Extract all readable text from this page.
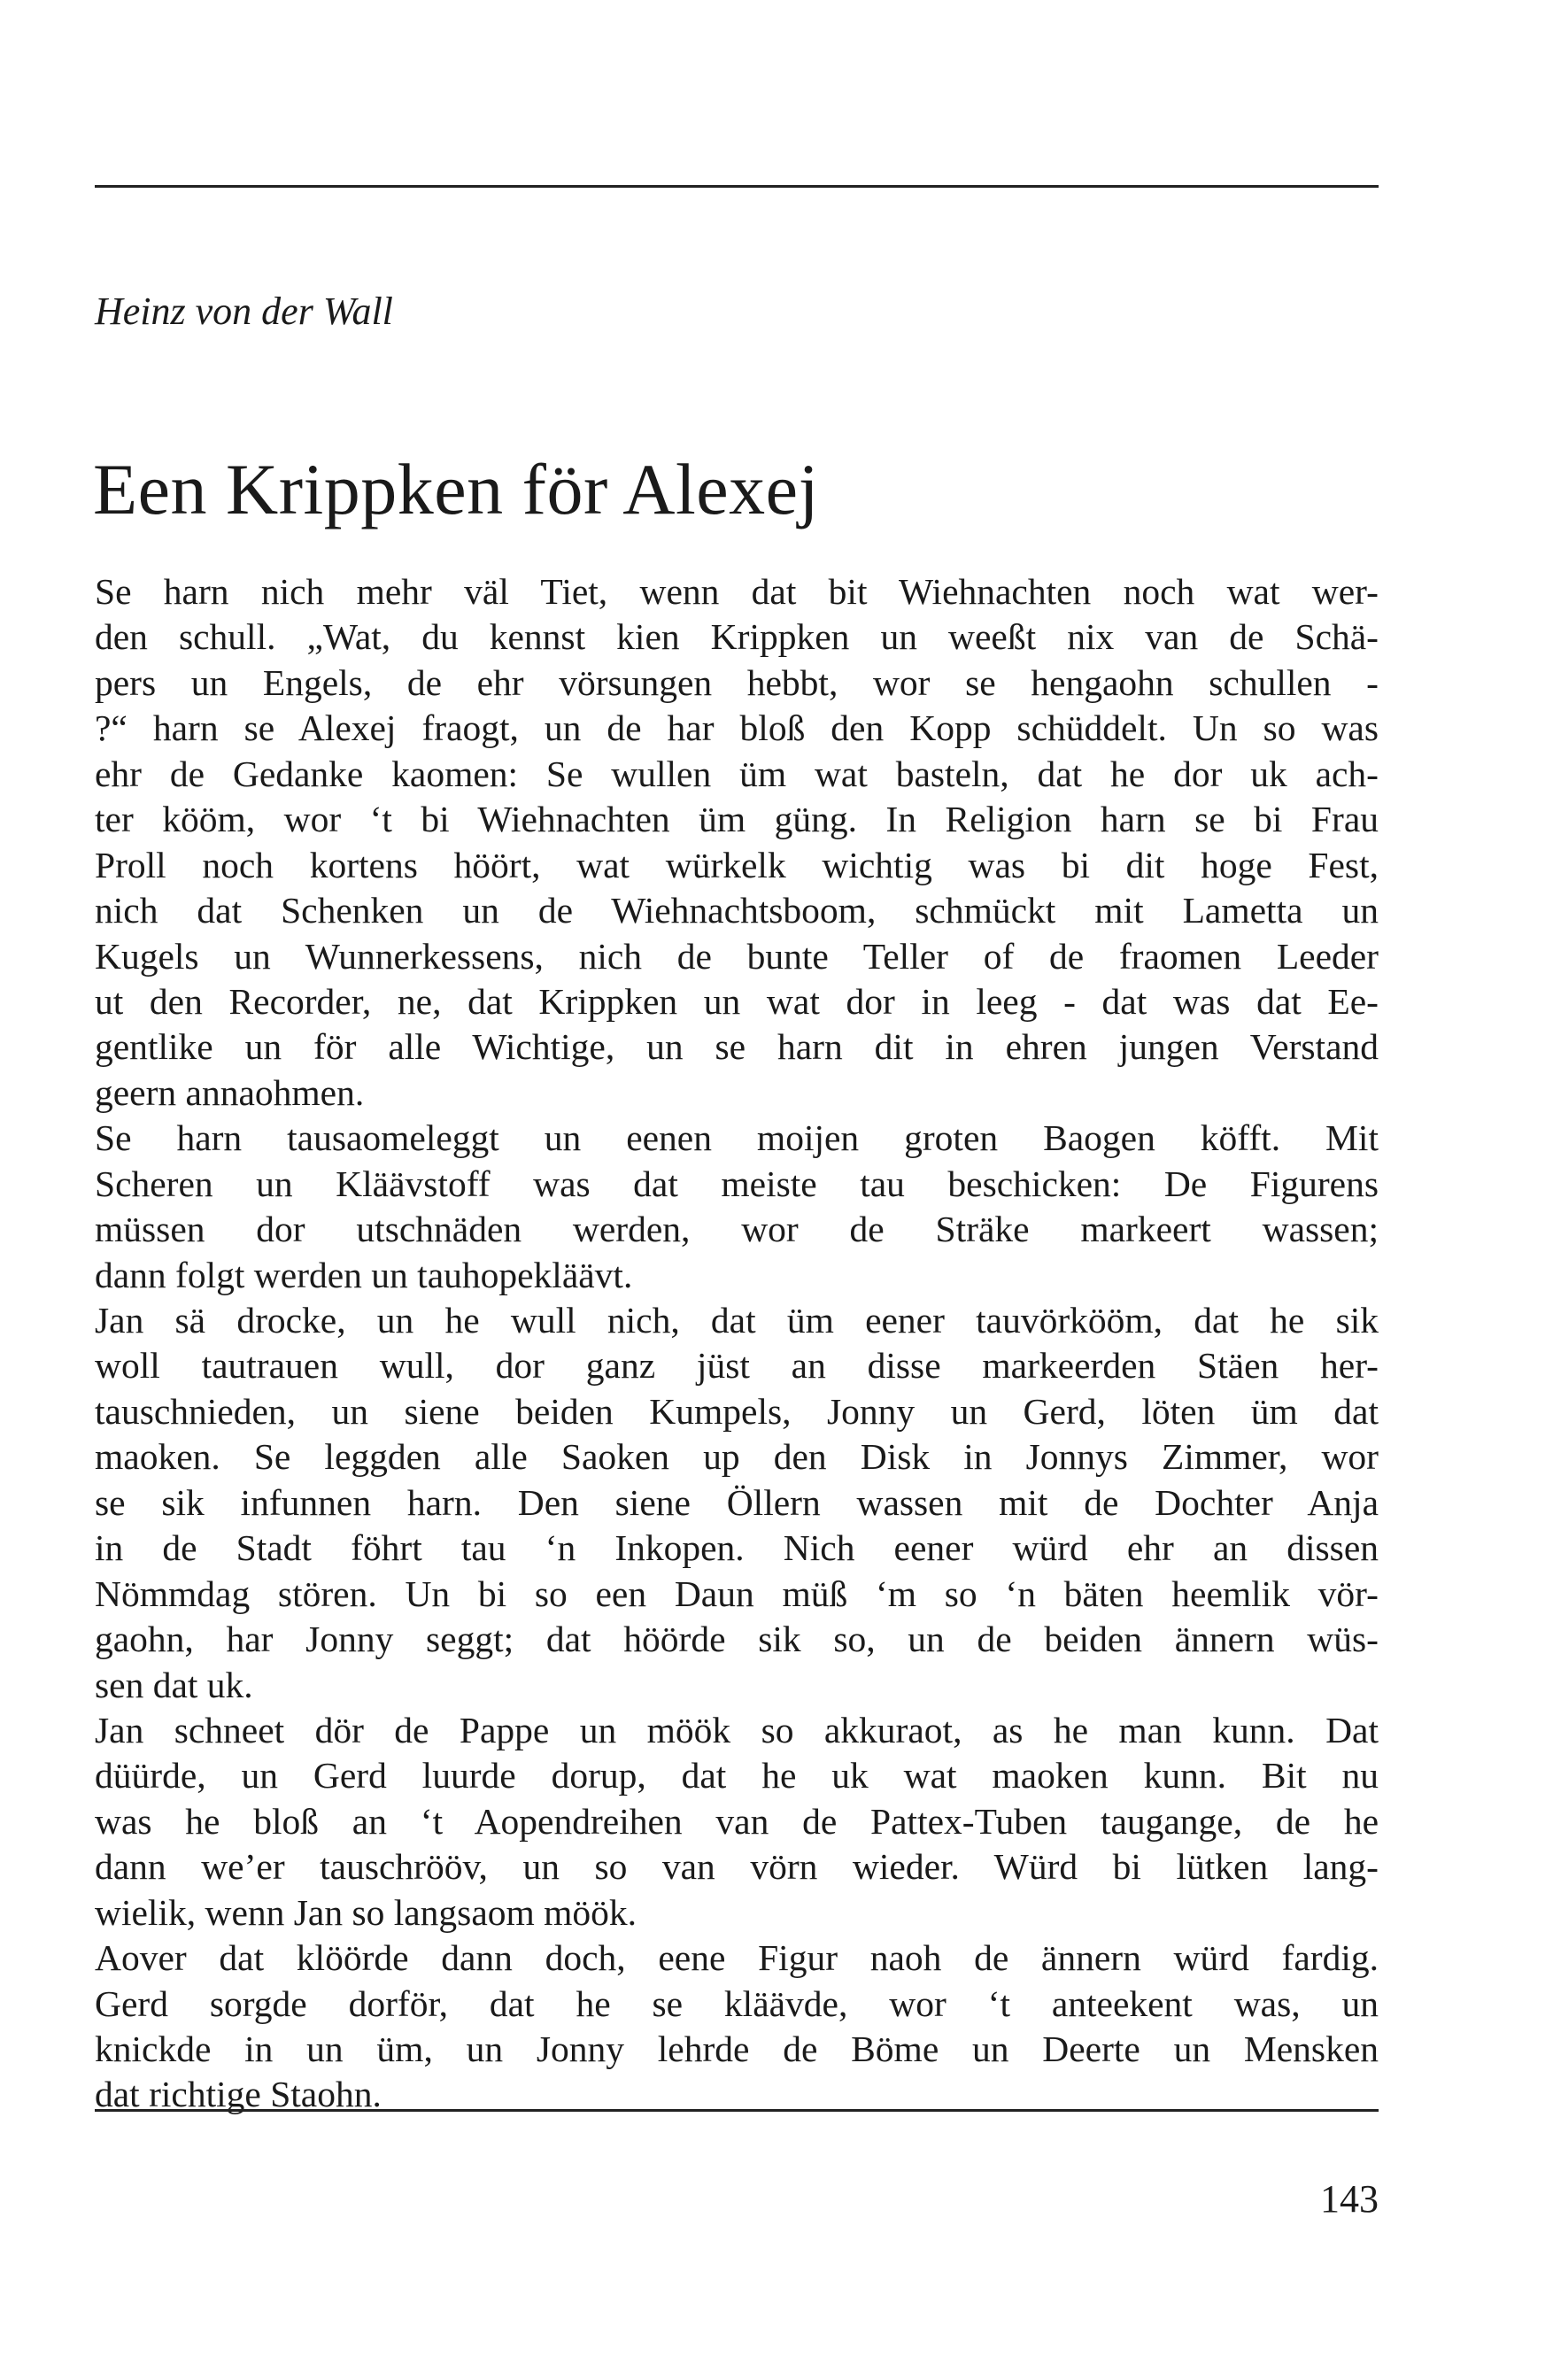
Heinz von der Wall
Een Krippken för Alexej
Se harn nich mehr väl Tiet, wenn dat bit Wiehnachten noch wat wer-
den schull. „Wat, du kennst kien Krippken un weeßt nix van de Schä-
pers un Engels, de ehr vörsungen hebbt, wor se hengaohn schullen -
?“ harn se Alexej fraogt, un de har bloß den Kopp schüddelt. Un so was
ehr de Gedanke kaomen: Se wullen üm wat basteln, dat he dor uk ach-
ter kööm, wor ‘t bi Wiehnachten üm güng. In Religion harn se bi Frau
Proll noch kortens höört, wat würkelk wichtig was bi dit hoge Fest,
nich dat Schenken un de Wiehnachtsboom, schmückt mit Lametta un
Kugels un Wunnerkessens, nich de bunte Teller of de fraomen Leeder
ut den Recorder, ne, dat Krippken un wat dor in leeg - dat was dat Ee-
gentlike un för alle Wichtige, un se harn dit in ehren jungen Verstand
geern annaohmen.
Se harn tausaomeleggt un eenen moijen groten Baogen köfft. Mit
Scheren un Kläävstoff was dat meiste tau beschicken: De Figurens
müssen dor utschnäden werden, wor de Sträke markeert wassen;
dann folgt werden un tauhopekläävt.
Jan sä drocke, un he wull nich, dat üm eener tauvörkööm, dat he sik
woll tautrauen wull, dor ganz jüst an disse markeerden Stäen her-
tauschnieden, un siene beiden Kumpels, Jonny un Gerd, löten üm dat
maoken. Se leggden alle Saoken up den Disk in Jonnys Zimmer, wor
se sik infunnen harn. Den siene Öllern wassen mit de Dochter Anja
in de Stadt föhrt tau ‘n Inkopen. Nich eener würd ehr an dissen
Nömmdag stören. Un bi so een Daun müß ‘m so ‘n bäten heemlik vör-
gaohn, har Jonny seggt; dat höörde sik so, un de beiden ännern wüs-
sen dat uk.
Jan schneet dör de Pappe un möök so akkuraot, as he man kunn. Dat
düürde, un Gerd luurde dorup, dat he uk wat maoken kunn. Bit nu
was he bloß an ‘t Aopendreihen van de Pattex-Tuben taugange, de he
dann we’er tauschrööv, un so van vörn wieder. Würd bi lütken lang-
wielik, wenn Jan so langsaom möök.
Aover dat klöörde dann doch, eene Figur naoh de ännern würd fardig.
Gerd sorgde dorför, dat he se kläävde, wor ‘t anteekent was, un
knickde in un üm, un Jonny lehrde de Böme un Deerte un Mensken
dat richtige Staohn.
143
